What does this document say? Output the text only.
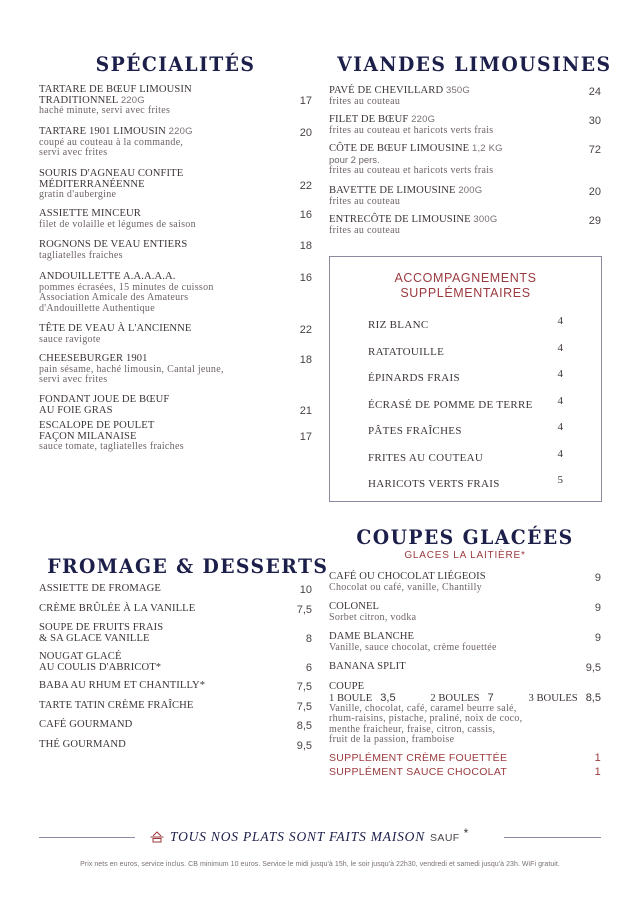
SPÉCIALITÉS
TARTARE DE BŒUF LIMOUSIN
TRADITIONNEL 220G
haché minute, servi avec frites
17
TARTARE 1901 LIMOUSIN 220G
coupé au couteau à la commande,
servi avec frites
20
SOURIS D'AGNEAU CONFITE
MÉDITERRANÉENNE
gratin d'aubergine
22
ASSIETTE MINCEUR
filet de volaille et légumes de saison
16
ROGNONS DE VEAU ENTIERS
tagliatelles fraiches
18
ANDOUILLETTE A.A.A.A.A.
pommes écrasées, 15 minutes de cuisson
Association Amicale des Amateurs
d'Andouillette Authentique
16
TÊTE DE VEAU À L'ANCIENNE
sauce ravigote
22
CHEESEBURGER 1901
pain sésame, haché limousin, Cantal jeune,
servi avec frites
18
FONDANT JOUE DE BŒUF
AU FOIE GRAS	21
ESCALOPE DE POULET
FAÇON MILANAISE
sauce tomate, tagliatelles fraiches
17
VIANDES LIMOUSINES
PAVÉ DE CHEVILLARD 350G
frites au couteau
24
FILET DE BŒUF 220G
frites au couteau et haricots verts frais
30
CÔTE DE BŒUF LIMOUSINE 1,2 KG
pour 2 pers.
frites au couteau et haricots verts frais
72
BAVETTE DE LIMOUSINE 200G
frites au couteau
20
ENTRECÔTE DE LIMOUSINE 300G
frites au couteau
29
ACCOMPAGNEMENTS
SUPPLÉMENTAIRES
RIZ BLANC	4
RATATOUILLE	4
ÉPINARDS FRAIS	4
ÉCRASÉ DE POMME DE TERRE 4
PÂTES FRAÎCHES	4
FRITES AU COUTEAU	4
HARICOTS VERTS FRAIS	5
FROMAGE & DESSERTS
ASSIETTE DE FROMAGE	10
CRÈME BRÛLÉE À LA VANILLE	7,5
SOUPE DE FRUITS FRAIS
& SA GLACE VANILLE	8
NOUGAT GLACÉ
AU COULIS D'ABRICOT*	6
BABA AU RHUM ET CHANTILLY*	7,5
TARTE TATIN CRÈME FRAÎCHE	7,5
CAFÉ GOURMAND	8,5
THÉ GOURMAND	9,5
COUPES GLACÉES
GLACES LA LAITIÈRE*
CAFÉ OU CHOCOLAT LIÉGEOIS
Chocolat ou café, vanille, Chantilly
9
COLONEL
Sorbet citron, vodka
9
DAME BLANCHE
Vanille, sauce chocolat, crème fouettée
9
BANANA SPLIT	9,5
COUPE
1 BOULE 3,5	2 BOULES 7	3 BOULES 8,5
Vanille, chocolat, café, caramel beurre salé,
rhum-raisins, pistache, praliné, noix de coco,
menthe fraicheur, fraise, citron, cassis,
fruit de la passion, framboise
SUPPLÉMENT CRÈME FOUETTÉE	1
SUPPLÉMENT SAUCE CHOCOLAT	1
TOUS NOS PLATS SONT FAITS MAISON SAUF *
Prix nets en euros, service inclus. CB minimum 10 euros. Service le midi jusqu'à 15h, le soir jusqu'à 22h30, vendredi et samedi jusqu'à 23h. WiFi gratuit.
